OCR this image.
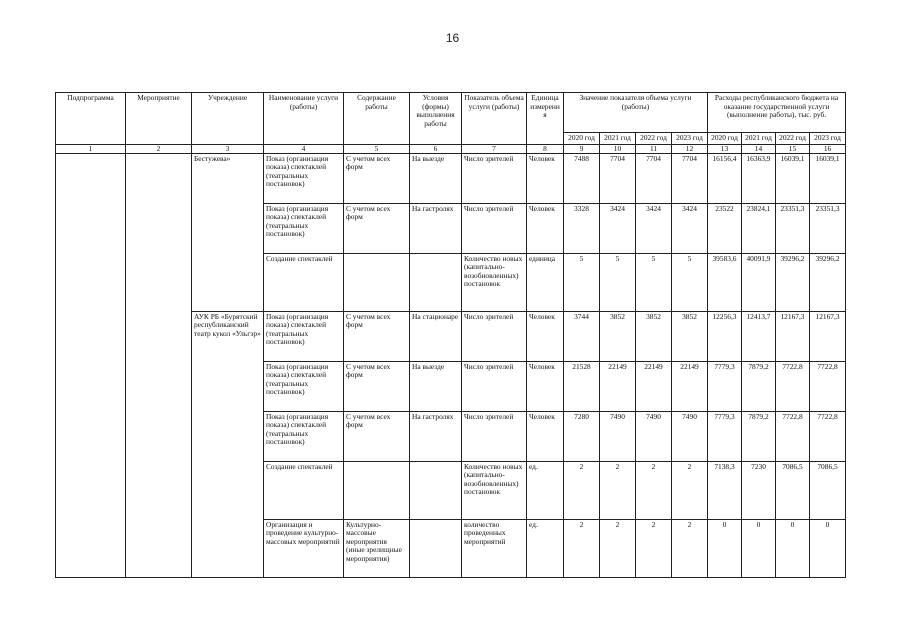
16
Подпрограмма	Мероприятие	Учреждение	Наименование услуги (работы)	Содержание работы	Условия (формы) выполнения работы	Показатель объема услуги (работы)	Единица измерения	Значение показателя объема услуги (работы)				Расходы республиканского бюджета на оказание государственной услуги (выполнение работы), тыс. руб.			
								2020 год	2021 год	2022 год	2023 год	2020 год	2021 год	2022 год	2023 год
1	2	3	4	5	6	7	8	9	10	11	12	13	14	15	16
		Бестужева»	Показ (организация показа) спектаклей (театральных постановок)	С учетом всех форм	На выезде	Число зрителей	Человек	7488	7704	7704	7704	16156,4	16363,9	16039,1	16039,1
			Показ (организация показа) спектаклей (театральных постановок)	С учетом всех форм	На гастролях	Число зрителей	Человек	3328	3424	3424	3424	23522	23824,1	23351,3	23351,3
			Создание спектаклей			Количество новых (капитально-возобновленных) постановок	единица	5	5	5	5	39583,6	40091,9	39296,2	39296,2
		АУК РБ «Бурятский республиканский театр кукол «Ульгэр»	Показ (организация показа) спектаклей (театральных постановок)	С учетом всех форм	На стационаре	Число зрителей	Человек	3744	3852	3852	3852	12256,3	12413,7	12167,3	12167,3
			Показ (организация показа) спектаклей (театральных постановок)	С учетом всех форм	На выезде	Число зрителей	Человек	21528	22149	22149	22149	7779,3	7879,2	7722,8	7722,8
			Показ (организация показа) спектаклей (театральных постановок)	С учетом всех форм	На гастролях	Число зрителей	Человек	7280	7490	7490	7490	7779,3	7879,2	7722,8	7722,8
			Создание спектаклей			Количество новых (капитально-возобновленных) постановок	ед.	2	2	2	2	7138,3	7230	7086,5	7086,5
			Организация и проведение культурно-массовых мероприятий	Культурно-массовые мероприятия (иные зрелищные мероприятия)		количество проведенных мероприятий	ед.	2	2	2	2	0	0	0	0
